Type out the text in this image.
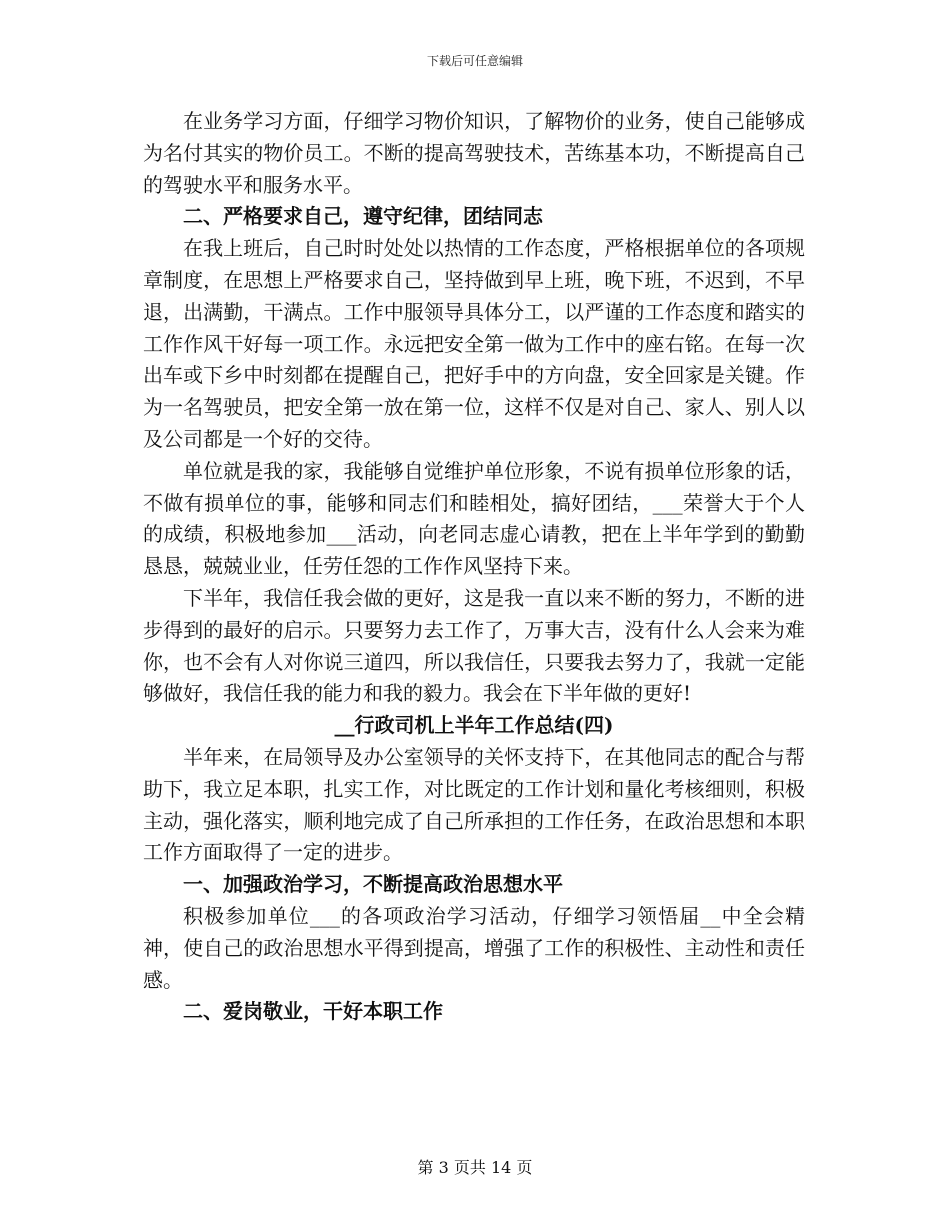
下载后可任意编辑

在业务学习方面，仔细学习物价知识，了解物价的业务，使自己能够成为名付其实的物价员工。不断的提高驾驶技术，苦练基本功，不断提高自己的驾驶水平和服务水平。

二、严格要求自己，遵守纪律，团结同志

在我上班后，自己时时处处以热情的工作态度，严格根据单位的各项规章制度，在思想上严格要求自己，坚持做到早上班，晚下班，不迟到，不早退，出满勤，干满点。工作中服领导具体分工，以严谨的工作态度和踏实的工作作风干好每一项工作。永远把安全第一做为工作中的座右铭。在每一次出车或下乡中时刻都在提醒自己，把好手中的方向盘，安全回家是关键。作为一名驾驶员，把安全第一放在第一位，这样不仅是对自己、家人、别人以及公司都是一个好的交待。

单位就是我的家，我能够自觉维护单位形象，不说有损单位形象的话，不做有损单位的事，能够和同志们和睦相处，搞好团结，___荣誉大于个人的成绩，积极地参加___活动，向老同志虚心请教，把在上半年学到的勤勤恳恳，兢兢业业，任劳任怨的工作作风坚持下来。

下半年，我信任我会做的更好，这是我一直以来不断的努力，不断的进步得到的最好的启示。只要努力去工作了，万事大吉，没有什么人会来为难你，也不会有人对你说三道四，所以我信任，只要我去努力了，我就一定能够做好，我信任我的能力和我的毅力。我会在下半年做的更好!

__行政司机上半年工作总结(四)

半年来，在局领导及办公室领导的关怀支持下，在其他同志的配合与帮助下，我立足本职，扎实工作，对比既定的工作计划和量化考核细则，积极主动，强化落实，顺利地完成了自己所承担的工作任务，在政治思想和本职工作方面取得了一定的进步。

一、加强政治学习，不断提高政治思想水平

积极参加单位___的各项政治学习活动，仔细学习领悟届__中全会精神，使自己的政治思想水平得到提高，增强了工作的积极性、主动性和责任感。

二、爱岗敬业，干好本职工作

第 3 页共 14 页
